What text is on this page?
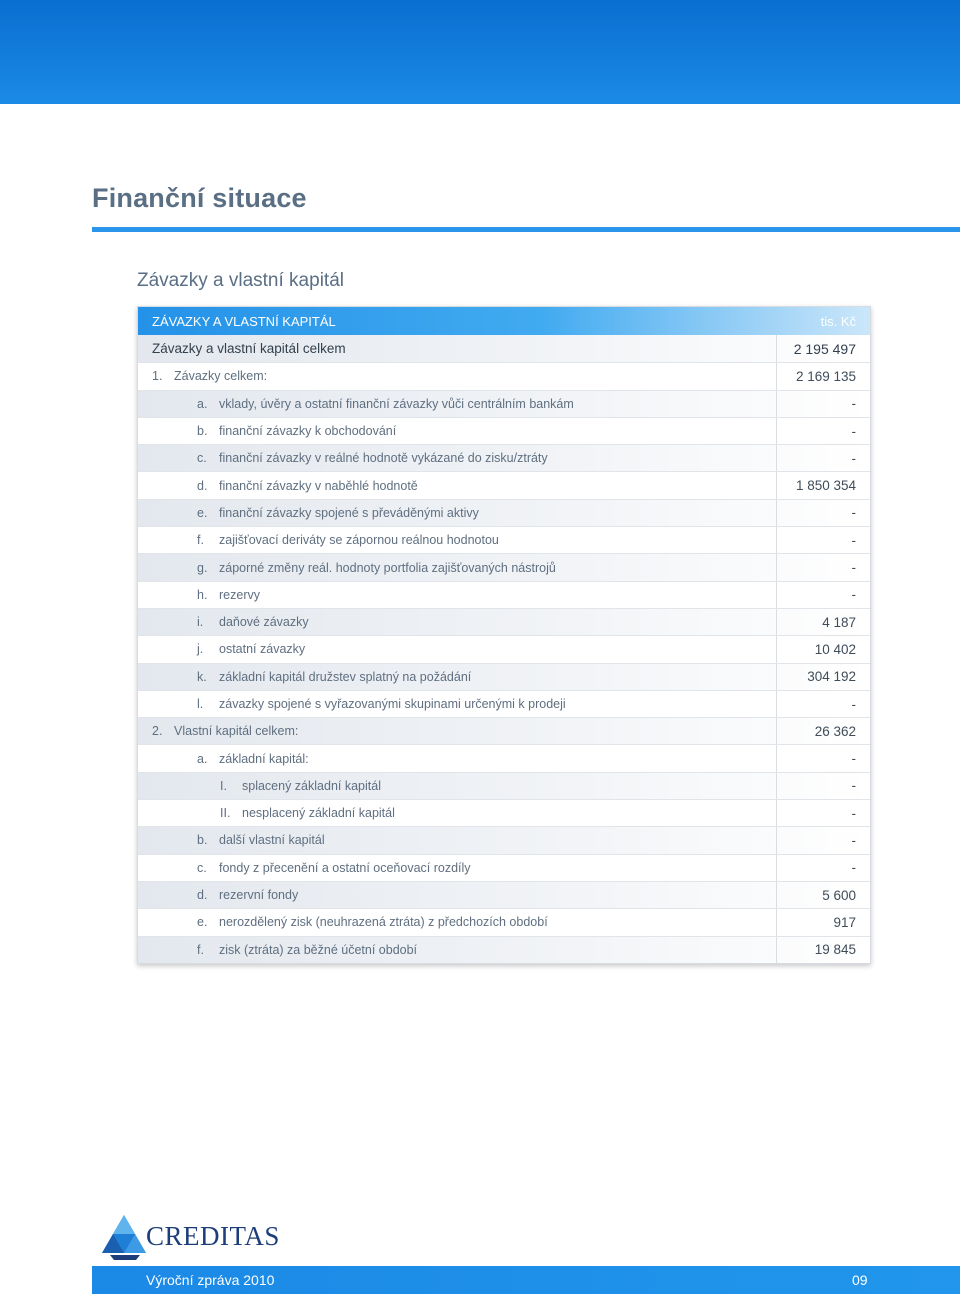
Finanční situace
Závazky a vlastní kapitál
ZÁVAZKY A VLASTNÍ KAPITÁL	tis. Kč
Závazky a vlastní kapitál celkem	2 195 497
1. Závazky celkem:	2 169 135
a. vklady, úvěry a ostatní finanční závazky vůči centrálním bankám	-
b. finanční závazky k obchodování	-
c. finanční závazky v reálné hodnotě vykázané do zisku/ztráty	-
d. finanční závazky v naběhlé hodnotě	1 850 354
e. finanční závazky spojené s převáděnými aktivy	-
f.	zajišťovací deriváty se zápornou reálnou hodnotou	-
g. záporné změny reál. hodnoty portfolia zajišťovaných nástrojů	-
h. rezervy	-
i.	daňové závazky	4 187
j.	ostatní závazky	10 402
k. základní kapitál družstev splatný na požádání	304 192
l.	závazky spojené s vyřazovanými skupinami určenými k prodeji	-
2. Vlastní kapitál celkem:	26 362
a. základní kapitál:	-
I.	splacený základní kapitál	-
II. nesplacený základní kapitál	-
b. další vlastní kapitál	-
c. fondy z přecenění a ostatní oceňovací rozdíly	-
d. rezervní fondy	5 600
e. nerozdělený zisk (neuhrazená ztráta) z předchozích období	917
f.	zisk (ztráta) za běžné účetní období	19 845
CREDITAS
Výroční zpráva 2010	09
